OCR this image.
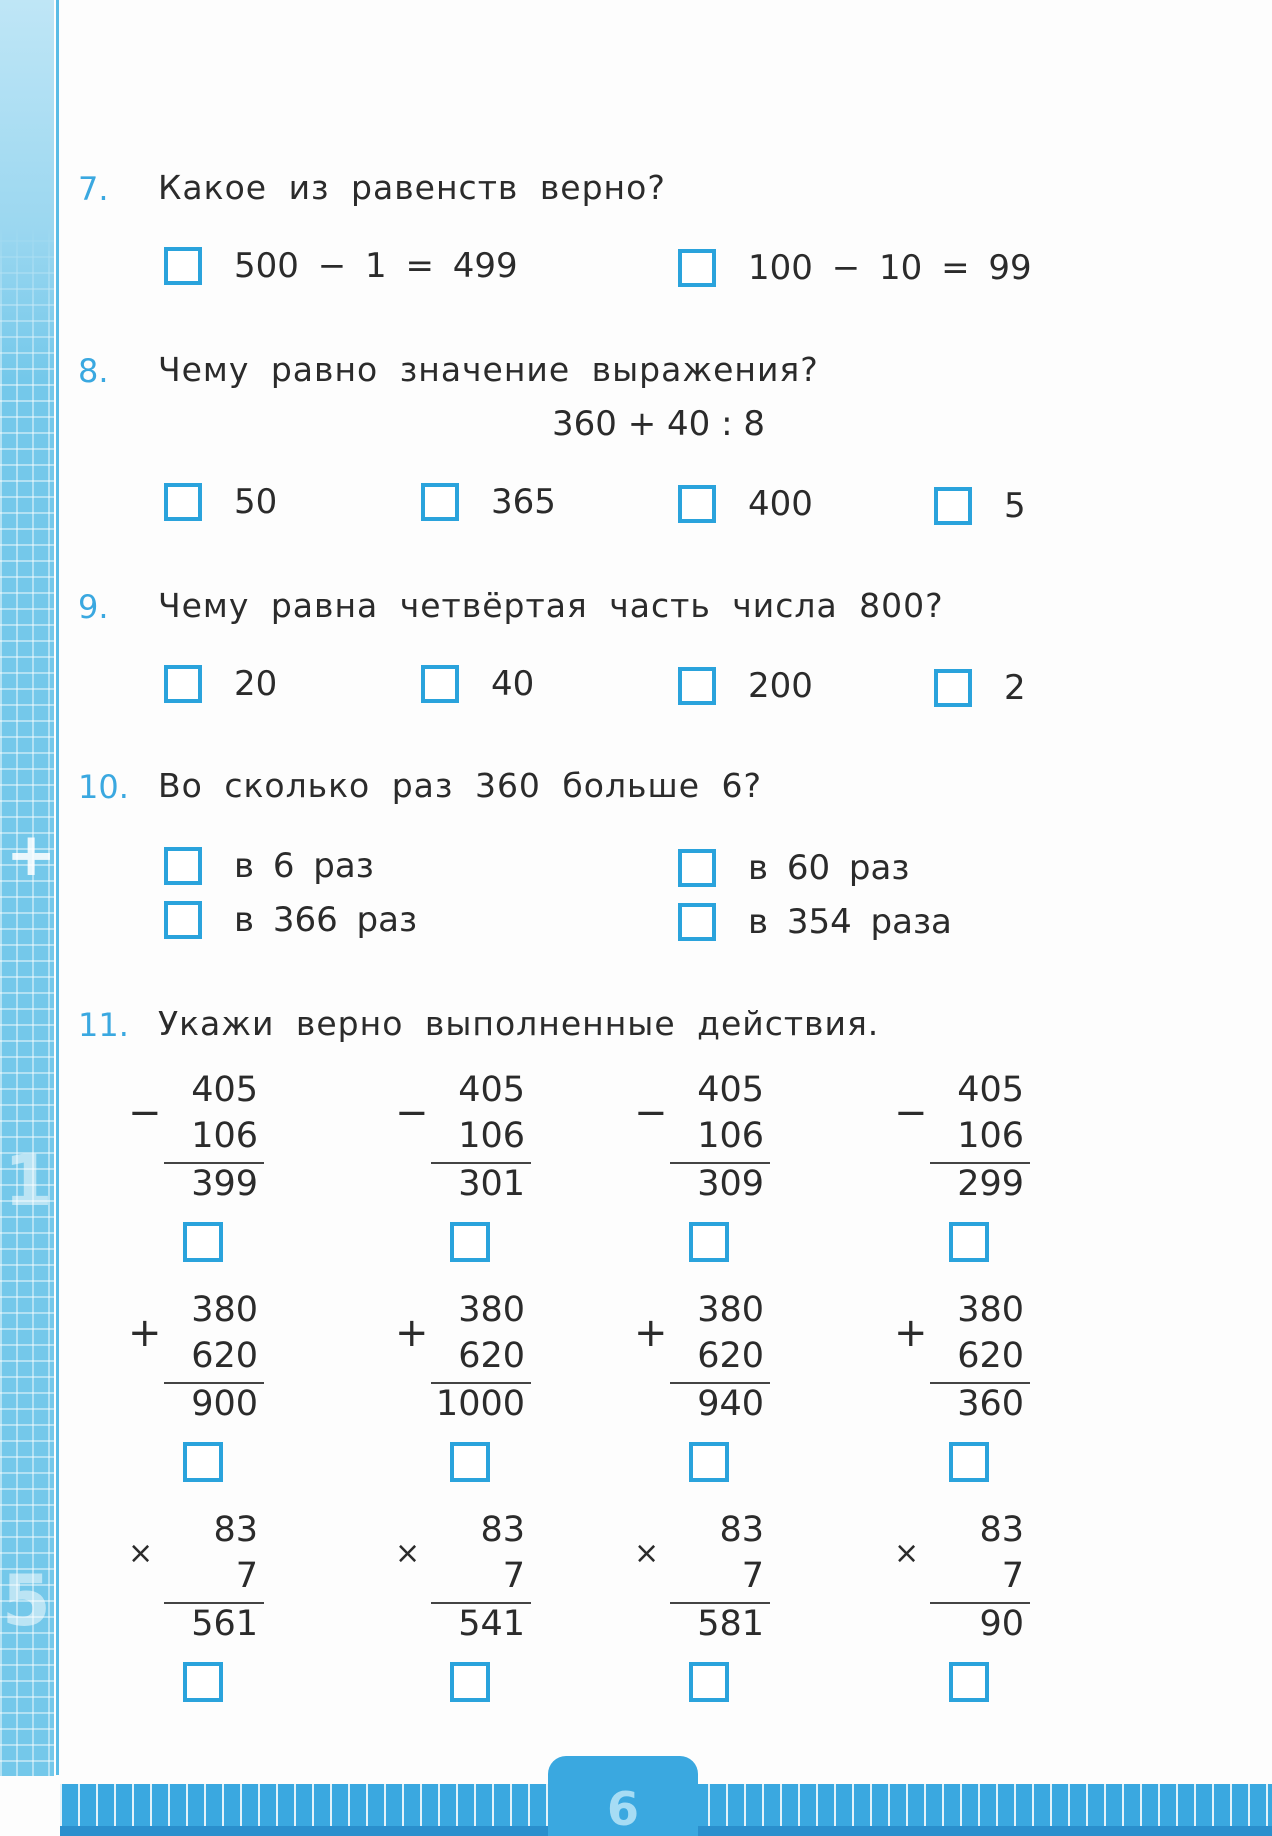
+
1
5
6
7.	Какое из равенств верно?
500 − 1 = 499	100 − 10 = 99
8.	Чему равно значение выражения?
360 + 40 : 8
50	365	400	5
9.	Чему равна четвёртая часть числа 800?
20	40	200	2
10. Во сколько раз 360 больше 6?
в 6 раз	в 60 раз
в 366 раз	в 354 раза
11. Укажи верно выполненные действия.
− 405
106
399
− 405
106
301
− 405
106
309
− 405
106
299
+ 380
620
900
+ 380
620
1000
+ 380
620
940
+ 380
620
360
×
83
7
561
×
83
7
541
×
83
7
581
×
83
7
90
